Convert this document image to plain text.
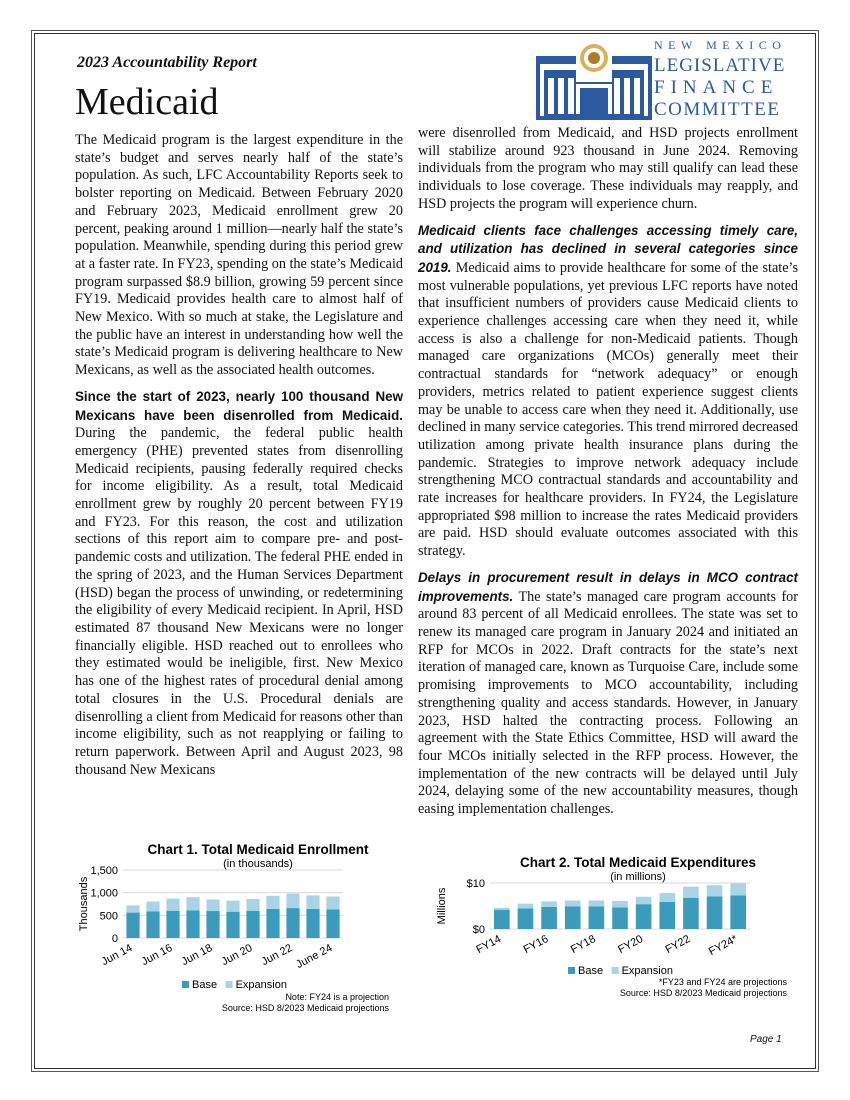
2023 Accountability Report
Medicaid
NEW MEXICO
LEGISLATIVE
FINANCE
COMMITTEE

The Medicaid program is the largest expenditure in the state’s budget and serves nearly half of the state’s population. As such, LFC Accountability Reports seek to bolster reporting on Medicaid. Between February 2020 and February 2023, Medicaid enrollment grew 20 percent, peaking around 1 million—nearly half the state’s population. Meanwhile, spending during this period grew at a faster rate. In FY23, spending on the state’s Medicaid program surpassed $8.9 billion, growing 59 percent since FY19. Medicaid provides health care to almost half of New Mexico. With so much at stake, the Legislature and the public have an interest in understanding how well the state’s Medicaid program is delivering healthcare to New Mexicans, as well as the associated health outcomes.

Since the start of 2023, nearly 100 thousand New Mexicans have been disenrolled from Medicaid. During the pandemic, the federal public health emergency (PHE) prevented states from disenrolling Medicaid recipients, pausing federally required checks for income eligibility. As a result, total Medicaid enrollment grew by roughly 20 percent between FY19 and FY23. For this reason, the cost and utilization sections of this report aim to compare pre- and post- pandemic costs and utilization. The federal PHE ended in the spring of 2023, and the Human Services Department (HSD) began the process of unwinding, or redetermining the eligibility of every Medicaid recipient. In April, HSD estimated 87 thousand New Mexicans were no longer financially eligible. HSD reached out to enrollees who they estimated would be ineligible, first. New Mexico has one of the highest rates of procedural denial among total closures in the U.S. Procedural denials are disenrolling a client from Medicaid for reasons other than income eligibility, such as not reapplying or failing to return paperwork. Between April and August 2023, 98 thousand New Mexicans

were disenrolled from Medicaid, and HSD projects enrollment will stabilize around 923 thousand in June 2024. Removing individuals from the program who may still qualify can lead these individuals to lose coverage. These individuals may reapply, and HSD projects the program will experience churn.

Medicaid clients face challenges accessing timely care, and utilization has declined in several categories since 2019. Medicaid aims to provide healthcare for some of the state’s most vulnerable populations, yet previous LFC reports have noted that insufficient numbers of providers cause Medicaid clients to experience challenges accessing care when they need it, while access is also a challenge for non-Medicaid patients. Though managed care organizations (MCOs) generally meet their contractual standards for “network adequacy” or enough providers, metrics related to patient experience suggest clients may be unable to access care when they need it. Additionally, use declined in many service categories. This trend mirrored decreased utilization among private health insurance plans during the pandemic. Strategies to improve network adequacy include strengthening MCO contractual standards and accountability and rate increases for healthcare providers. In FY24, the Legislature appropriated $98 million to increase the rates Medicaid providers are paid. HSD should evaluate outcomes associated with this strategy.

Delays in procurement result in delays in MCO contract improvements. The state’s managed care program accounts for around 83 percent of all Medicaid enrollees. The state was set to renew its managed care program in January 2024 and initiated an RFP for MCOs in 2022. Draft contracts for the state’s next iteration of managed care, known as Turquoise Care, include some promising improvements to MCO accountability, including strengthening quality and access standards. However, in January 2023, HSD halted the contracting process. Following an agreement with the State Ethics Committee, HSD will award the four MCOs initially selected in the RFP process. However, the implementation of the new contracts will be delayed until July 2024, delaying some of the new accountability measures, though easing implementation challenges.

Chart 1. Total Medicaid Enrollment
(in thousands)
0
500
1,000
1,500
Thousands
Jun 14 Jun 16 Jun 18 Jun 20 Jun 22 June 24
Base Expansion
Note: FY24 is a projection
Source: HSD 8/2023 Medicaid projections
Chart 2. Total Medicaid Expenditures
(in millions)
$0
$10
Millions
FY14 FY16 FY18 FY20 FY22 FY24*
Base Expansion
*FY23 and FY24 are projections
Source: HSD 8/2023 Medicaid projections
Page 1
